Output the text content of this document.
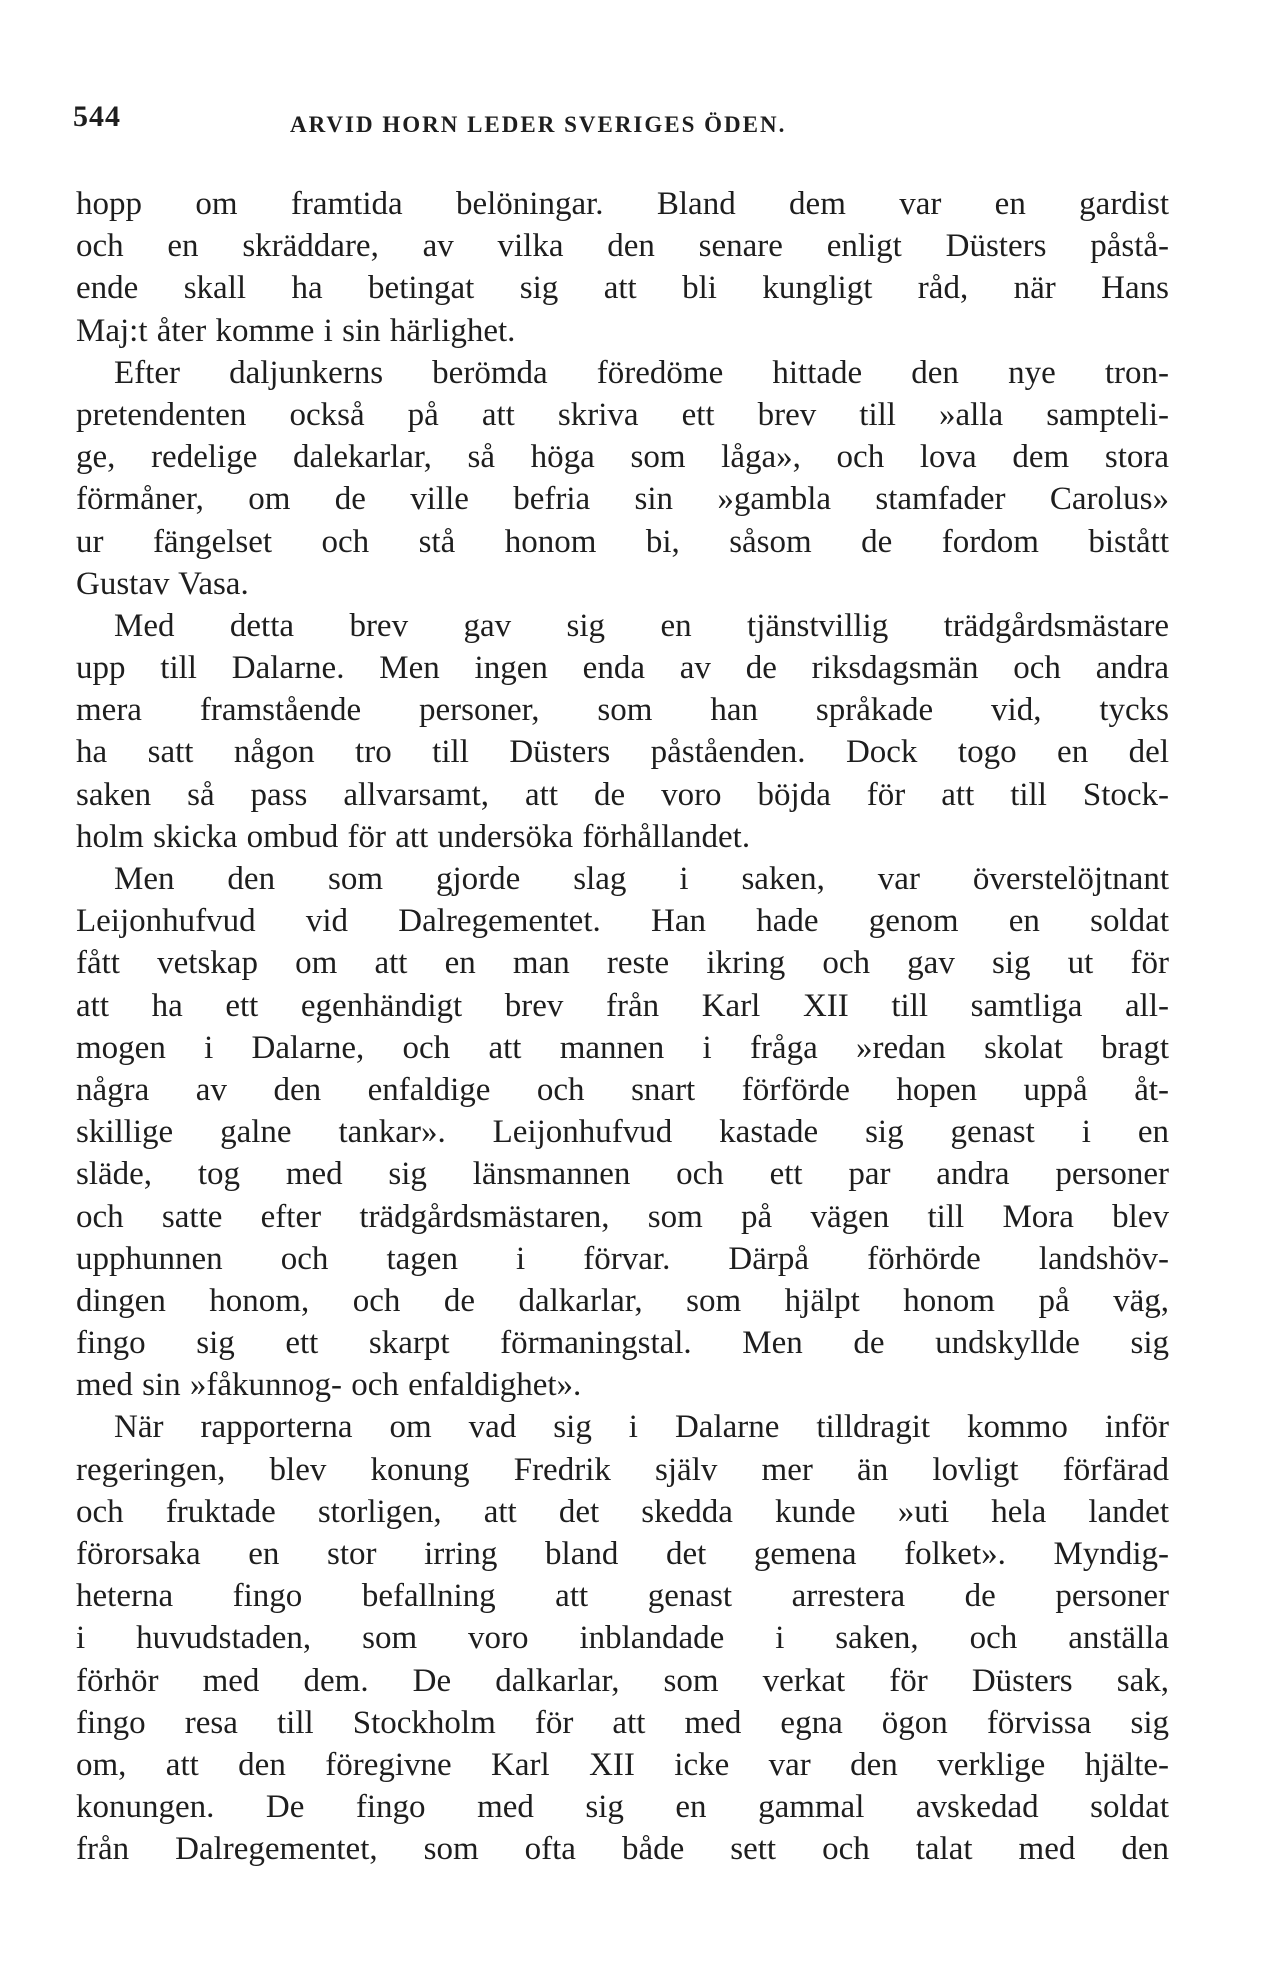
544	ARVID HORN LEDER SVERIGES ÖDEN.
hopp om framtida belöningar. Bland dem var en gardist
och en skräddare, av vilka den senare enligt Düsters påstå-
ende skall ha betingat sig att bli kungligt råd, när Hans
Maj:t åter komme i sin härlighet.
Efter daljunkerns berömda föredöme hittade den nye tron-
pretendenten också på att skriva ett brev till »alla sampteli-
ge, redelige dalekarlar, så höga som låga», och lova dem stora
förmåner, om de ville befria sin »gambla stamfader Carolus»
ur fängelset och stå honom bi, såsom de fordom bistått
Gustav Vasa.
Med detta brev gav sig en tjänstvillig trädgårdsmästare
upp till Dalarne. Men ingen enda av de riksdagsmän och andra
mera framstående personer, som han språkade vid, tycks
ha satt någon tro till Düsters påståenden. Dock togo en del
saken så pass allvarsamt, att de voro böjda för att till Stock-
holm skicka ombud för att undersöka förhållandet.
Men den som gjorde slag i saken, var överstelöjtnant
Leijonhufvud vid Dalregementet. Han hade genom en soldat
fått vetskap om att en man reste ikring och gav sig ut för
att ha ett egenhändigt brev från Karl XII till samtliga all-
mogen i Dalarne, och att mannen i fråga »redan skolat bragt
några av den enfaldige och snart förförde hopen uppå åt-
skillige galne tankar». Leijonhufvud kastade sig genast i en
släde, tog med sig länsmannen och ett par andra personer
och satte efter trädgårdsmästaren, som på vägen till Mora blev
upphunnen och tagen i förvar. Därpå förhörde landshöv-
dingen honom, och de dalkarlar, som hjälpt honom på väg,
fingo sig ett skarpt förmaningstal. Men de undskyllde sig
med sin »fåkunnog- och enfaldighet».
När rapporterna om vad sig i Dalarne tilldragit kommo inför
regeringen, blev konung Fredrik själv mer än lovligt förfärad
och fruktade storligen, att det skedda kunde »uti hela landet
förorsaka en stor irring bland det gemena folket». Myndig-
heterna fingo befallning att genast arrestera de personer
i huvudstaden, som voro inblandade i saken, och anställa
förhör med dem. De dalkarlar, som verkat för Düsters sak,
fingo resa till Stockholm för att med egna ögon förvissa sig
om, att den föregivne Karl XII icke var den verklige hjälte-
konungen. De fingo med sig en gammal avskedad soldat
från Dalregementet, som ofta både sett och talat med den
